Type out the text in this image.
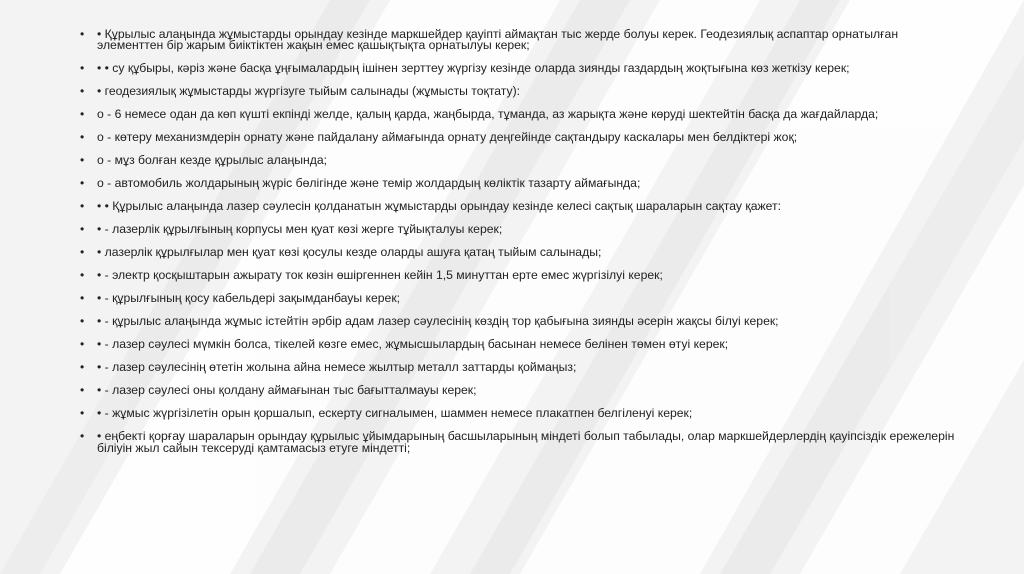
• • Құрылыс алаңында жұмыстарды орындау кезінде маркшейдер қауіпті аймақтан тыс жерде болуы керек. Геодезиялық аспаптар орнатылған элементтен бір жарым биіктіктен жақын емес қашықтықта орнатылуы керек;
• • • су құбыры, кәріз және басқа ұңғымалардың ішінен зерттеу жүргізу кезінде оларда зиянды газдардың жоқтығына көз жеткізу керек;
• • геодезиялық жұмыстарды жүргізуге тыйым салынады (жұмысты тоқтату):
• о - 6 немесе одан да көп күшті екпінді желде, қалың қарда, жаңбырда, тұманда, аз жарықта және көруді шектейтін басқа да жағдайларда;
• о - көтеру механизмдерін орнату және пайдалану аймағында орнату деңгейінде сақтандыру каскалары мен белдіктері жоқ;
• о - мұз болған кезде құрылыс алаңында;
• о - автомобиль жолдарының жүріс бөлігінде және темір жолдардың көліктік тазарту аймағында;
• • • Құрылыс алаңында лазер сәулесін қолданатын жұмыстарды орындау кезінде келесі сақтық шараларын сақтау қажет:
• • - лазерлік құрылғының корпусы мен қуат көзі жерге тұйықталуы керек;
• • лазерлік құрылғылар мен қуат көзі қосулы кезде оларды ашуға қатаң тыйым салынады;
• • - электр қосқыштарын ажырату ток көзін өшіргеннен кейін 1,5 минуттан ерте емес жүргізілуі керек;
• • - құрылғының қосу кабельдері зақымданбауы керек;
• • - құрылыс алаңында жұмыс істейтін әрбір адам лазер сәулесінің көздің тор қабығына зиянды әсерін жақсы білуі керек;
• • - лазер сәулесі мүмкін болса, тікелей көзге емес, жұмысшылардың басынан немесе белінен төмен өтуі керек;
• • - лазер сәулесінің өтетін жолына айна немесе жылтыр металл заттарды қоймаңыз;
• • - лазер сәулесі оны қолдану аймағынан тыс бағытталмауы керек;
• • - жұмыс жүргізілетін орын қоршалып, ескерту сигналымен, шаммен немесе плакатпен белгіленуі керек;
• • еңбекті қорғау шараларын орындау құрылыс ұйымдарының басшыларының міндеті болып табылады, олар маркшейдерлердің қауіпсіздік ережелерін біліуін жыл сайын тексеруді қамтамасыз етуге міндетті;
